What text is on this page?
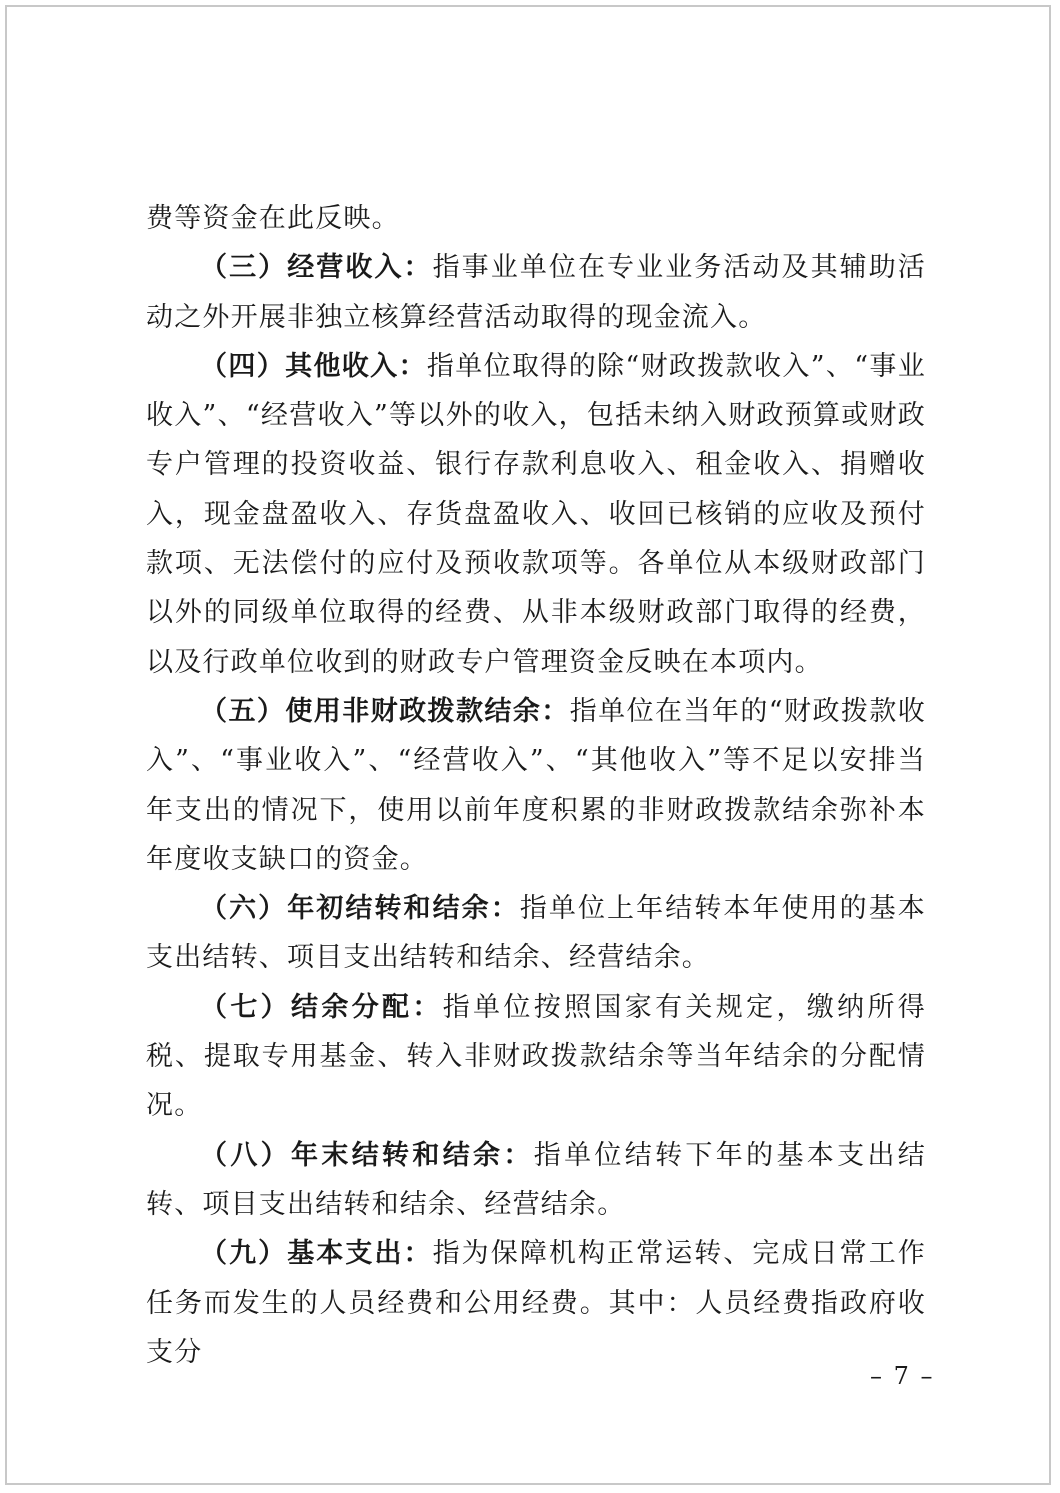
费等资金在此反映。

（三）经营收入：指事业单位在专业业务活动及其辅助活动之外开展非独立核算经营活动取得的现金流入。

（四）其他收入：指单位取得的除“财政拨款收入”、“事业收入”、“经营收入”等以外的收入，包括未纳入财政预算或财政专户管理的投资收益、银行存款利息收入、租金收入、捐赠收入，现金盘盈收入、存货盘盈收入、收回已核销的应收及预付款项、无法偿付的应付及预收款项等。各单位从本级财政部门以外的同级单位取得的经费、从非本级财政部门取得的经费，以及行政单位收到的财政专户管理资金反映在本项内。

（五）使用非财政拨款结余：指单位在当年的“财政拨款收入”、“事业收入”、“经营收入”、“其他收入”等不足以安排当年支出的情况下，使用以前年度积累的非财政拨款结余弥补本年度收支缺口的资金。

（六）年初结转和结余：指单位上年结转本年使用的基本支出结转、项目支出结转和结余、经营结余。

（七）结余分配：指单位按照国家有关规定，缴纳所得税、提取专用基金、转入非财政拨款结余等当年结余的分配情况。

（八）年末结转和结余：指单位结转下年的基本支出结转、项目支出结转和结余、经营结余。

（九）基本支出：指为保障机构正常运转、完成日常工作任务而发生的人员经费和公用经费。其中：人员经费指政府收支分

– 7 –
